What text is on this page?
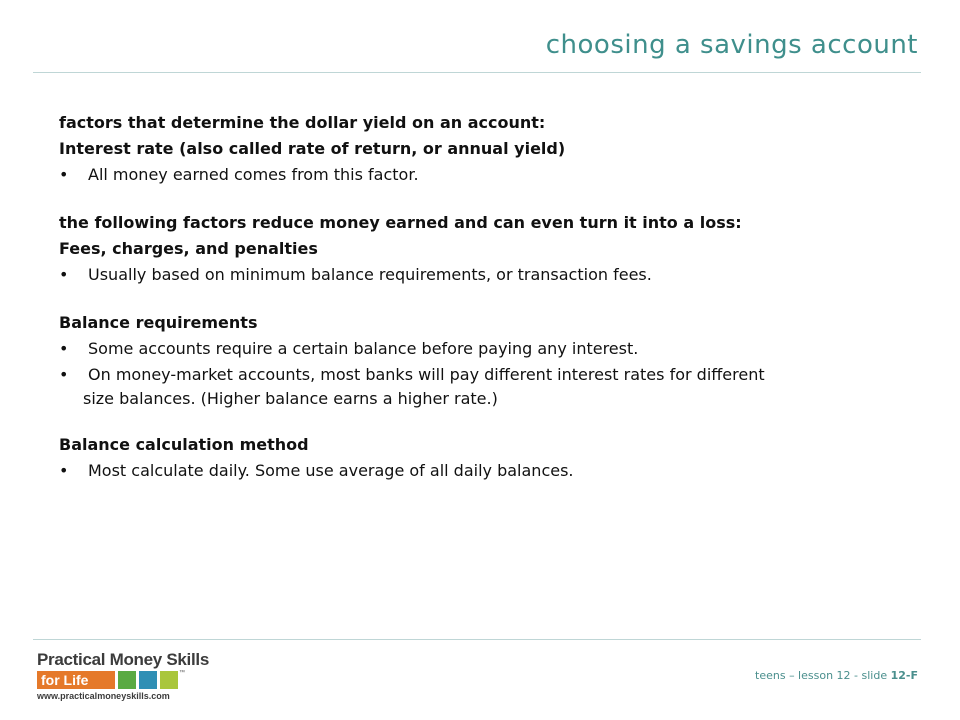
choosing a savings account

factors that determine the dollar yield on an account:

Interest rate (also called rate of return, or annual yield)

• All money earned comes from this factor.

the following factors reduce money earned and can even turn it into a loss:

Fees, charges, and penalties

• Usually based on minimum balance requirements, or transaction fees.

Balance requirements

• Some accounts require a certain balance before paying any interest.

• On money-market accounts, most banks will pay different interest rates for different
size balances. (Higher balance earns a higher rate.)

Balance calculation method

• Most calculate daily. Some use average of all daily balances.

Practical Money Skills
for Life	™
www.practicalmoneyskills.com
teens – lesson 12 - slide 12-F
